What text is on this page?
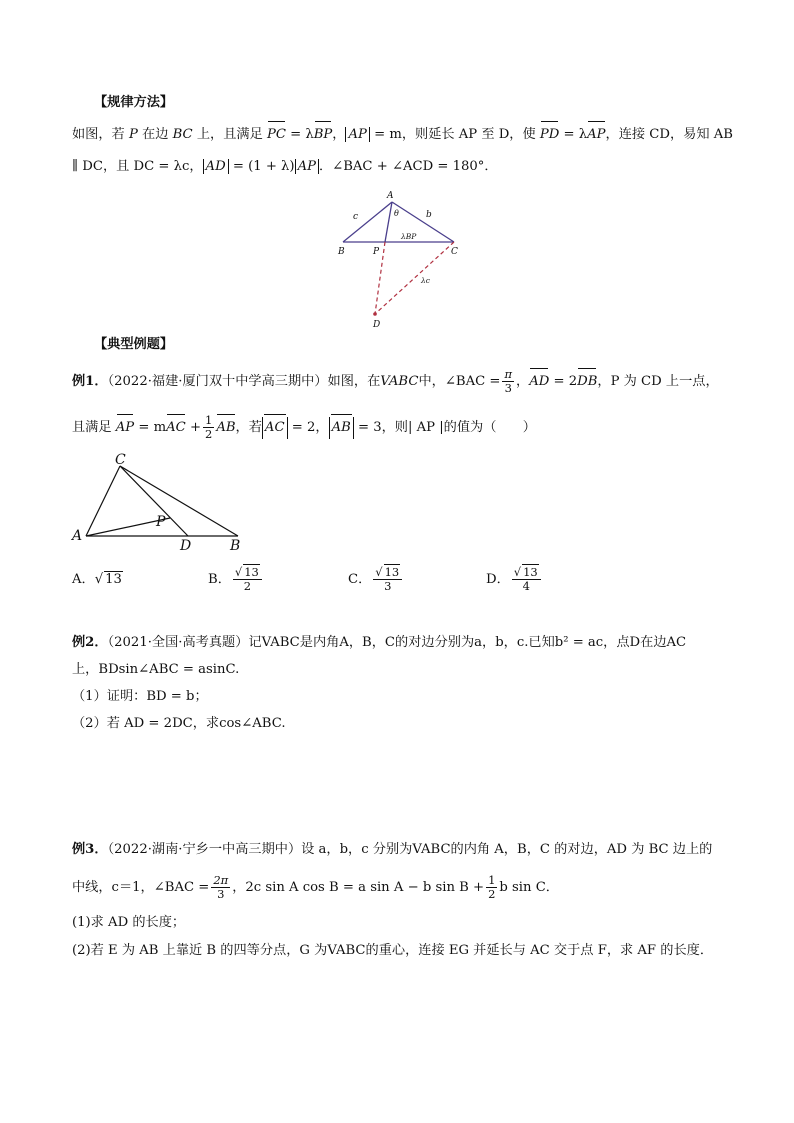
【规律方法】
如图，若 P 在边 BC 上，且满足 PC = λBP， AP = m，则延长 AP 至 D，使 PD = λAP，连接 CD，易知 AB
∥ DC，且 DC = λc， AD = (1 + λ) AP ．∠BAC + ∠ACD = 180°．
A
B	C
P
D
c	b
θ
λBP
λc
【典型例题】
例1．（2022·福建·厦门双十中学高三期中）如图，在VABC中，∠BAC = $\frac{\pi}{3}$ ，AD = 2DB，P 为 CD 上一点，
且满足 AP = mAC + $\frac{1}{2}$ AB，若 AC = 2， AB = 3，则| AP |的值为（　　）
A
C
P
D	B
A． √ 13	B． √ $\frac{13}{2}$	C． √ $\frac{13}{3}$	D． √ $\frac{13}{4}$
例2．（2021·全国·高考真题）记VABC是内角A，B，C的对边分别为a，b，c.已知b² = ac，点D在边AC
上，BDsin∠ABC = asinC.
（1）证明：BD = b；
（2）若 AD = 2DC，求cos∠ABC.
例3．（2022·湖南·宁乡一中高三期中）设 a，b，c 分别为VABC的内角 A，B，C 的对边，AD 为 BC 边上的
中线，c＝1，∠BAC = $\frac{2\pi}{3}$ ，2c sin A cos B = a sin A − b $\sin B + \frac{1}{2}$ b sin C．
(1)求 AD 的长度；
(2)若 E 为 AB 上靠近 B 的四等分点，G 为VABC的重心，连接 EG 并延长与 AC 交于点 F，求 AF 的长度．
